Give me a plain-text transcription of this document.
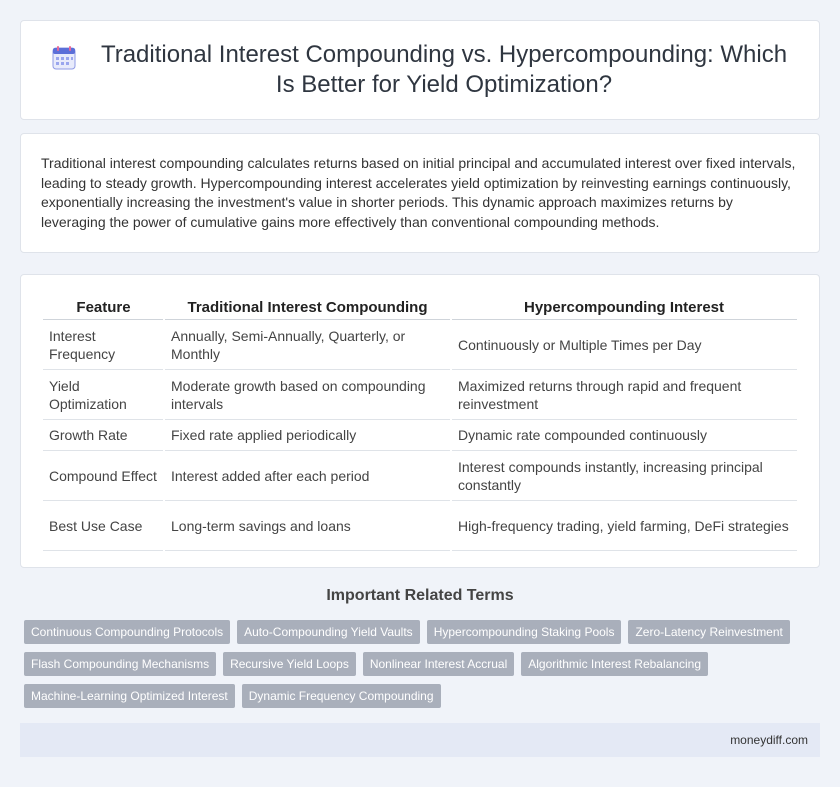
Traditional Interest Compounding vs. Hypercompounding: Which Is Better for Yield Optimization?

Traditional interest compounding calculates returns based on initial principal and accumulated interest over fixed intervals, leading to steady growth. Hypercompounding interest accelerates yield optimization by reinvesting earnings continuously, exponentially increasing the investment's value in shorter periods. This dynamic approach maximizes returns by leveraging the power of cumulative gains more effectively than conventional compounding methods.

Feature	Traditional Interest Compounding	Hypercompounding Interest
Interest Frequency	Annually, Semi-Annually, Quarterly, or Monthly	Continuously or Multiple Times per Day
Yield Optimization	Moderate growth based on compounding intervals	Maximized returns through rapid and frequent reinvestment
Growth Rate	Fixed rate applied periodically	Dynamic rate compounded continuously
Compound Effect	Interest added after each period	Interest compounds instantly, increasing principal constantly
Best Use Case	Long-term savings and loans	High-frequency trading, yield farming, DeFi strategies
Important Related Terms
Continuous Compounding Protocols	Auto-Compounding Yield Vaults	Hypercompounding Staking Pools	Zero-Latency Reinvestment
Flash Compounding Mechanisms	Recursive Yield Loops	Nonlinear Interest Accrual	Algorithmic Interest Rebalancing
Machine-Learning Optimized Interest	Dynamic Frequency Compounding
moneydiff.com
